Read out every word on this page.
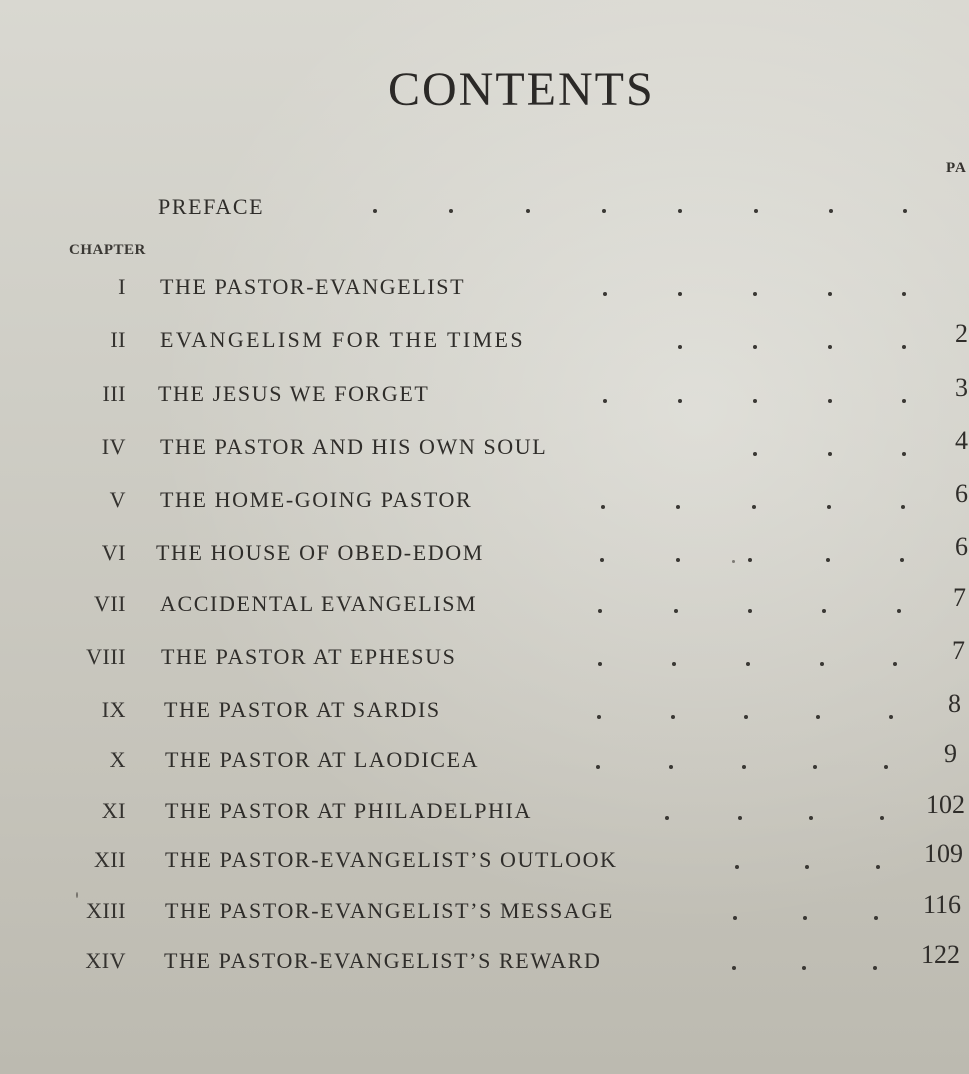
CONTENTS
PA
PREFACE
CHAPTER
I THE PASTOR-EVANGELIST
II EVANGELISM FOR THE TIMES	2
III THE JESUS WE FORGET	3
IV THE PASTOR AND HIS OWN SOUL	4
V THE HOME-GOING PASTOR	6
VI THE HOUSE OF OBED-EDOM	6
VII ACCIDENTAL EVANGELISM	7
VIII THE PASTOR AT EPHESUS	7
IX THE PASTOR AT SARDIS	8
X THE PASTOR AT LAODICEA	9
XI THE PASTOR AT PHILADELPHIA	102
XII THE PASTOR-EVANGELIST’S OUTLOOK	109
XIII THE PASTOR-EVANGELIST’S MESSAGE	116
XIV THE PASTOR-EVANGELIST’S REWARD	122
